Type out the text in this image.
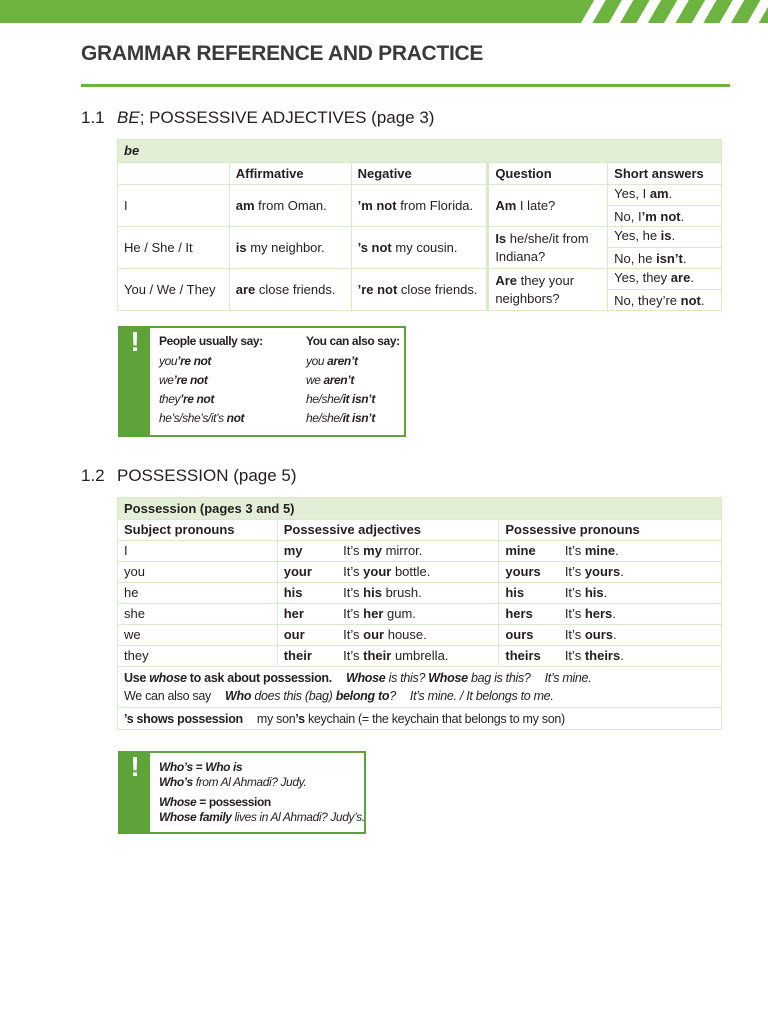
GRAMMAR REFERENCE AND PRACTICE
1.1 BE; POSSESSIVE ADJECTIVES (page 3)
be				
	Affirmative	Negative	Question	Short answers
I	am from Oman.	’m not from Florida.	Am I late?	Yes, I am.
No, I’m not.

He / She / It	is my neighbor.	’s not my cousin.	Is he/she/it from Indiana?	Yes, he is.
No, he isn’t.

You / We / They	are close friends.	’re not close friends.	Are they your neighbors?	Yes, they are.
No, they’re not.
!	People usually say:	You can also say:
you’re not	you aren’t
we’re not	we aren’t
they’re not	he/she/it isn’t
he’s/she’s/it’s not	he/she/it isn’t
1.2 POSSESSION (page 5)
Possession (pages 3 and 5)				
Subject pronouns	Possessive adjectives		Possessive pronouns	
I	my	It’s my mirror.	mine	It’s mine.
you	your	It’s your bottle.	yours	It’s yours.
he	his	It’s his brush.	his	It’s his.
she	her	It’s her gum.	hers	It’s hers.
we	our	It’s our house.	ours	It’s ours.
they	their	It’s their umbrella.	theirs	It’s theirs.

Use whose to ask about possession. Whose is this? Whose bag is this? It’s mine.
We can also say Who does this (bag) belong to? It’s mine. / It belongs to me.				

’s shows possession my son’s keychain (= the keychain that belongs to my son)				
!	Who’s = Who is
Who’s from Al Ahmadi? Judy.
Whose = possession
Whose family lives in Al Ahmadi? Judy’s.
